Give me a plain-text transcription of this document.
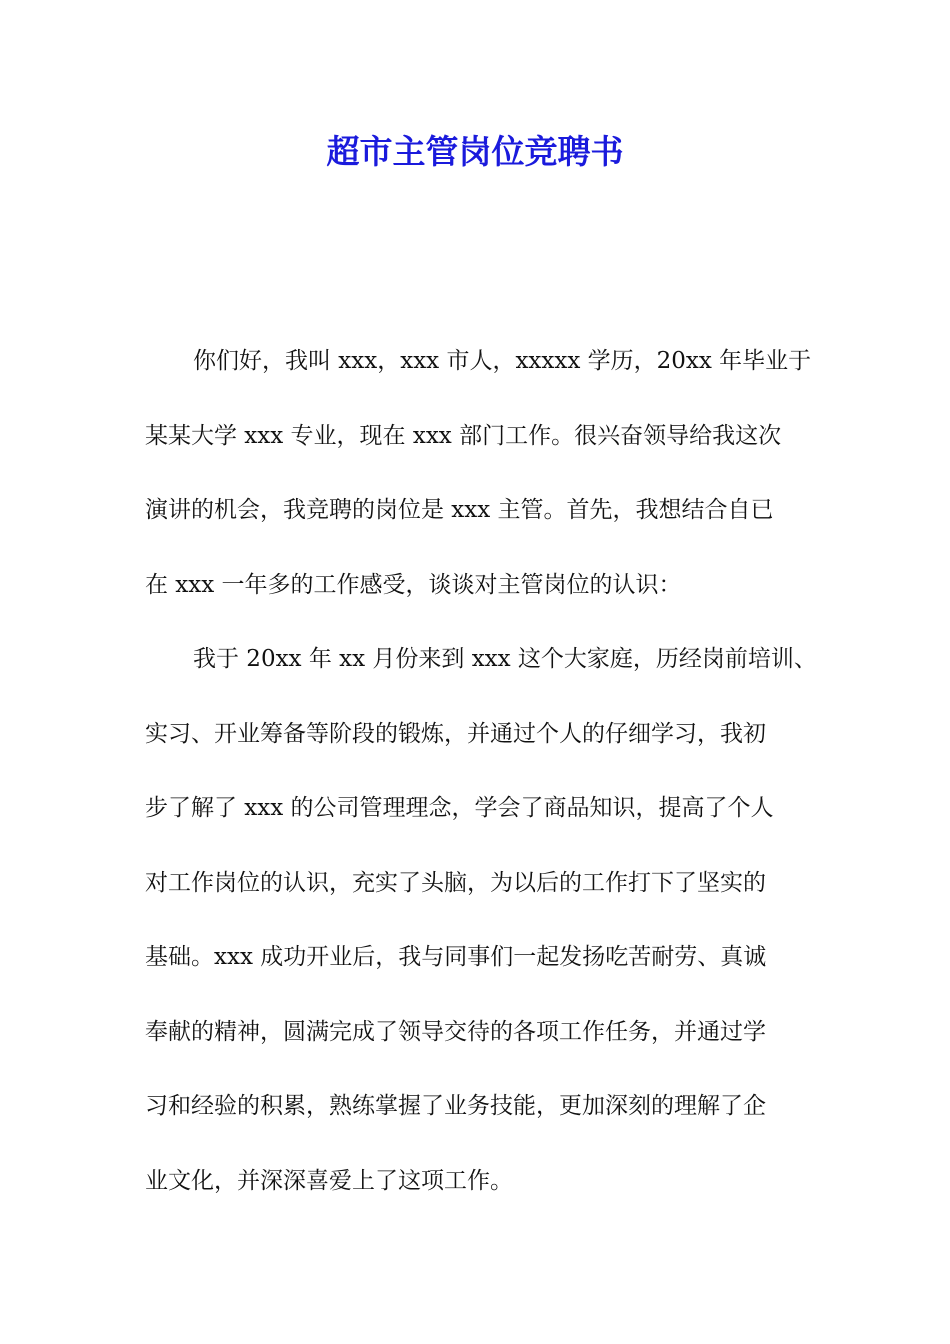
超市主管岗位竞聘书
你们好，我叫 xxx，xxx 市人，xxxxx 学历，20xx 年毕业于
某某大学 xxx 专业，现在 xxx 部门工作。很兴奋领导给我这次
演讲的机会，我竞聘的岗位是 xxx 主管。首先，我想结合自已
在 xxx 一年多的工作感受，谈谈对主管岗位的认识：
我于 20xx 年 xx 月份来到 xxx 这个大家庭，历经岗前培训、
实习、开业筹备等阶段的锻炼，并通过个人的仔细学习，我初
步了解了 xxx 的公司管理理念，学会了商品知识，提高了个人
对工作岗位的认识，充实了头脑，为以后的工作打下了坚实的
基础。xxx 成功开业后，我与同事们一起发扬吃苦耐劳、真诚
奉献的精神，圆满完成了领导交待的各项工作任务，并通过学
习和经验的积累，熟练掌握了业务技能，更加深刻的理解了企
业文化，并深深喜爱上了这项工作。
